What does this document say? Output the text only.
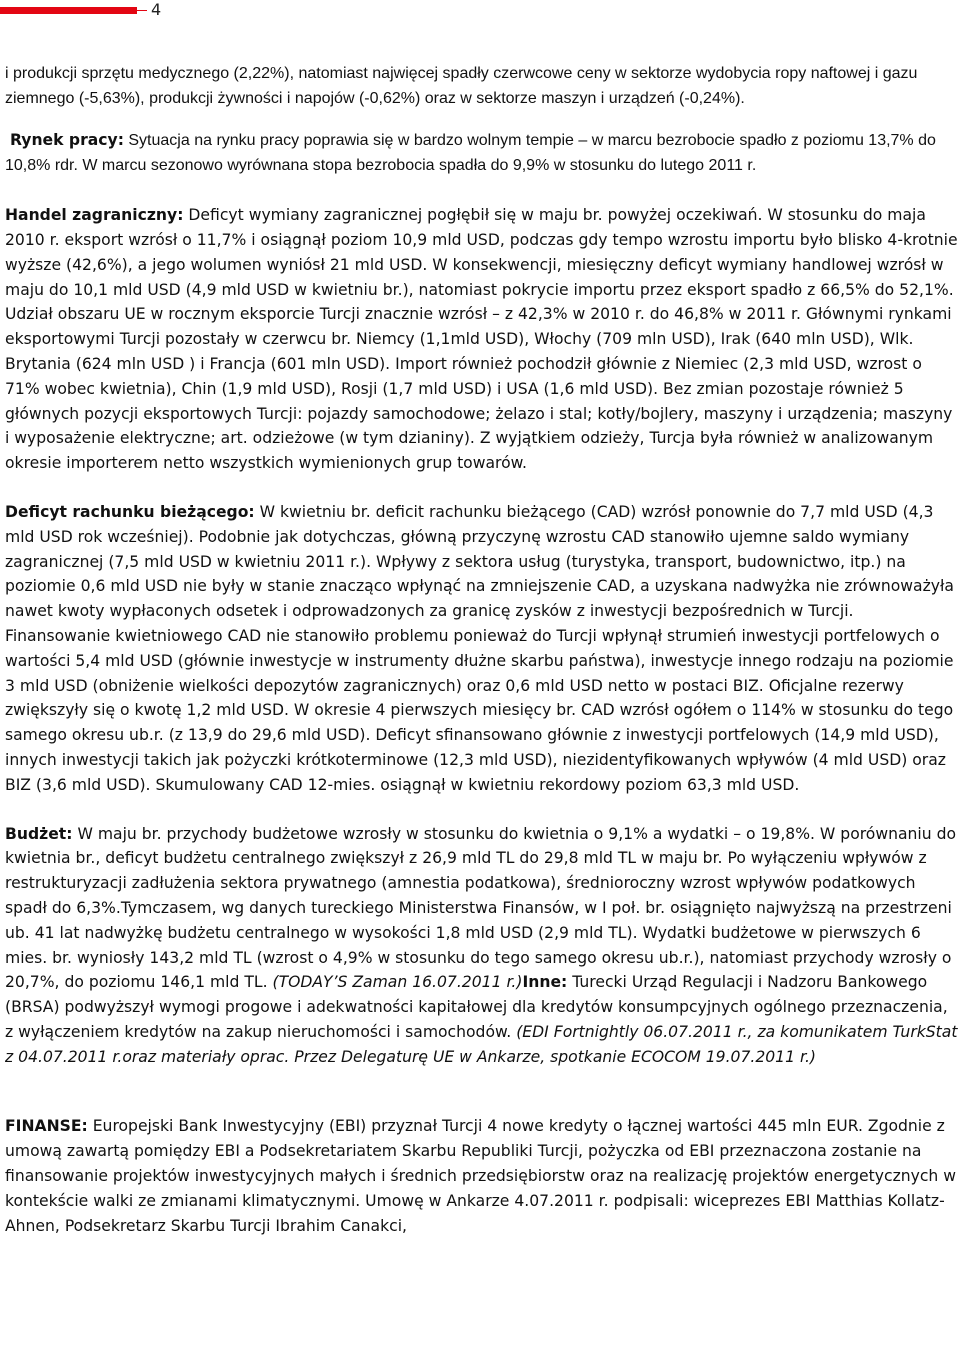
4

i produkcji sprzętu medycznego (2,22%), natomiast najwięcej spadły czerwcowe ceny w sektorze wydobycia ropy naftowej i gazu ziemnego (-5,63%), produkcji żywności i napojów (-0,62%) oraz w sektorze maszyn i urządzeń (-0,24%).

Rynek pracy: Sytuacja na rynku pracy poprawia się w bardzo wolnym tempie – w marcu bezrobocie spadło z poziomu 13,7% do 10,8% rdr. W marcu sezonowo wyrównana stopa bezrobocia spadła do 9,9% w stosunku do lutego 2011 r.

Handel zagraniczny: Deficyt wymiany zagranicznej pogłębił się w maju br. powyżej oczekiwań. W stosunku do maja 2010 r. eksport wzrósł o 11,7% i osiągnął poziom 10,9 mld USD, podczas gdy tempo wzrostu importu było blisko 4-krotnie wyższe (42,6%), a jego wolumen wyniósł 21 mld USD. W konsekwencji, miesięczny deficyt wymiany handlowej wzrósł w maju do 10,1 mld USD (4,9 mld USD w kwietniu br.), natomiast pokrycie importu przez eksport spadło z 66,5% do 52,1%. Udział obszaru UE w rocznym eksporcie Turcji znacznie wzrósł – z 42,3% w 2010 r. do 46,8% w 2011 r. Głównymi rynkami eksportowymi Turcji pozostały w czerwcu br. Niemcy (1,1mld USD), Włochy (709 mln USD), Irak (640 mln USD), Wlk. Brytania (624 mln USD ) i Francja (601 mln USD). Import również pochodził głównie z Niemiec (2,3 mld USD, wzrost o 71% wobec kwietnia), Chin (1,9 mld USD), Rosji (1,7 mld USD) i USA (1,6 mld USD). Bez zmian pozostaje również 5 głównych pozycji eksportowych Turcji: pojazdy samochodowe; żelazo i stal; kotły/bojlery, maszyny i urządzenia; maszyny i wyposażenie elektryczne; art. odzieżowe (w tym dzianiny). Z wyjątkiem odzieży, Turcja była również w analizowanym okresie importerem netto wszystkich wymienionych grup towarów.

Deficyt rachunku bieżącego: W kwietniu br. deficit rachunku bieżącego (CAD) wzrósł ponownie do 7,7 mld USD (4,3 mld USD rok wcześniej). Podobnie jak dotychczas, główną przyczynę wzrostu CAD stanowiło ujemne saldo wymiany zagranicznej (7,5 mld USD w kwietniu 2011 r.). Wpływy z sektora usług (turystyka, transport, budownictwo, itp.) na poziomie 0,6 mld USD nie były w stanie znacząco wpłynąć na zmniejszenie CAD, a uzyskana nadwyżka nie zrównoważyła nawet kwoty wypłaconych odsetek i odprowadzonych za granicę zysków z inwestycji bezpośrednich w Turcji. Finansowanie kwietniowego CAD nie stanowiło problemu ponieważ do Turcji wpłynął strumień inwestycji portfelowych o wartości 5,4 mld USD (głównie inwestycje w instrumenty dłużne skarbu państwa), inwestycje innego rodzaju na poziomie 3 mld USD (obniżenie wielkości depozytów zagranicznych) oraz 0,6 mld USD netto w postaci BIZ. Oficjalne rezerwy zwiększyły się o kwotę 1,2 mld USD. W okresie 4 pierwszych miesięcy br. CAD wzrósł ogółem o 114% w stosunku do tego samego okresu ub.r. (z 13,9 do 29,6 mld USD). Deficyt sfinansowano głównie z inwestycji portfelowych (14,9 mld USD), innych inwestycji takich jak pożyczki krótkoterminowe (12,3 mld USD), niezidentyfikowanych wpływów (4 mld USD) oraz BIZ (3,6 mld USD). Skumulowany CAD 12-mies. osiągnął w kwietniu rekordowy poziom 63,3 mld USD.

Budżet: W maju br. przychody budżetowe wzrosły w stosunku do kwietnia o 9,1% a wydatki – o 19,8%. W porównaniu do kwietnia br., deficyt budżetu centralnego zwiększył z 26,9 mld TL do 29,8 mld TL w maju br. Po wyłączeniu wpływów z restrukturyzacji zadłużenia sektora prywatnego (amnestia podatkowa), średnioroczny wzrost wpływów podatkowych spadł do 6,3%.Tymczasem, wg danych tureckiego Ministerstwa Finansów, w I poł. br. osiągnięto najwyższą na przestrzeni ub. 41 lat nadwyżkę budżetu centralnego w wysokości 1,8 mld USD (2,9 mld TL). Wydatki budżetowe w pierwszych 6 mies. br. wyniosły 143,2 mld TL (wzrost o 4,9% w stosunku do tego samego okresu ub.r.), natomiast przychody wzrosły o 20,7%, do poziomu 146,1 mld TL. (TODAY’S Zaman 16.07.2011 r.)Inne: Turecki Urząd Regulacji i Nadzoru Bankowego (BRSA) podwyższył wymogi progowe i adekwatności kapitałowej dla kredytów konsumpcyjnych ogólnego przeznaczenia, z wyłączeniem kredytów na zakup nieruchomości i samochodów. (EDI Fortnightly 06.07.2011 r., za komunikatem TurkStat z 04.07.2011 r.oraz materiały oprac. Przez Delegaturę UE w Ankarze, spotkanie ECOCOM 19.07.2011 r.)

FINANSE: Europejski Bank Inwestycyjny (EBI) przyznał Turcji 4 nowe kredyty o łącznej wartości 445 mln EUR. Zgodnie z umową zawartą pomiędzy EBI a Podsekretariatem Skarbu Republiki Turcji, pożyczka od EBI przeznaczona zostanie na finansowanie projektów inwestycyjnych małych i średnich przedsiębiorstw oraz na realizację projektów energetycznych w kontekście walki ze zmianami klimatycznymi. Umowę w Ankarze 4.07.2011 r. podpisali: wiceprezes EBI Matthias Kollatz-Ahnen, Podsekretarz Skarbu Turcji Ibrahim Canakci,
